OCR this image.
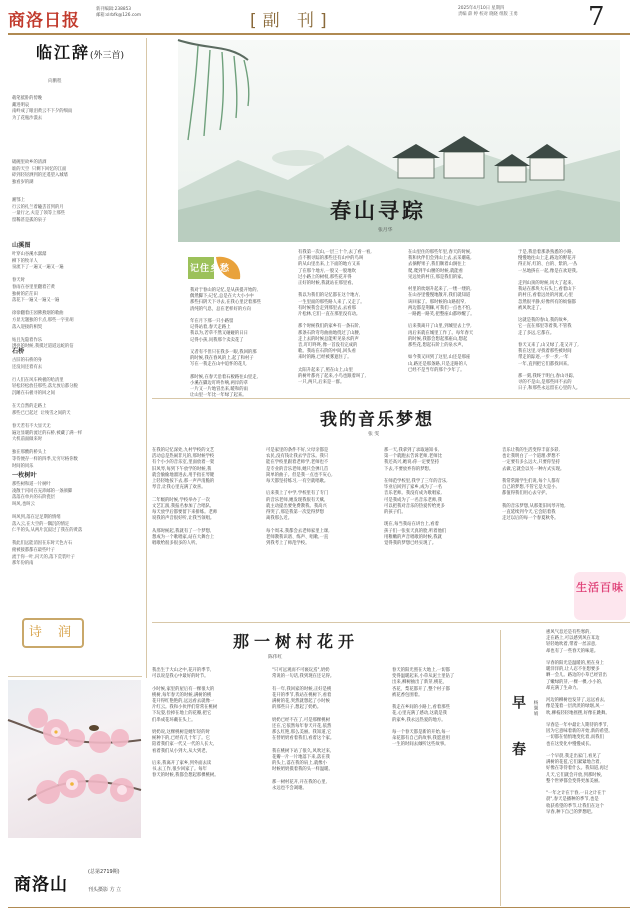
商洛日报
新刊编辑:238853
邮箱:slrbfk@126.com	[副 刊]
2025年4月10日 星期四
责编 薛 婷 校对 晓晓 组版 王勇	7
临江辞(外三首)
向鹏程
载笔抵卧的傍晚
藏进明哀
南岭成了眼泪黄云不下夕的细雨
为了花瓶沙漠去
破碗里故乡的清酒
谁的天空  只剩下回忆的江面
碎到轻轻洒到的还遥望入城墙
独看岁的湖
湘鄂上
行云的扎兰着瞌丢首到的月
一量行之,夫是了领等上那些
留稀甚是孤的泉子
山溪图
叶穿山谷溪水潺潺
柳下的牧羊人
泉流下了一遍又一遍又一遍

春天时
春雨在谷里里翻着芒黄
独树的茫茫田
落花下一遍又一遍又一遍

徐徐翻着庄园佛燕烟的歌曲
方显无题独的卡点,那些一字亚胡
落入迎接的相契

姑且先隐着作乐
透亮的时候,我摸过道道远蛇的信
石桥
古旧的石桥的身
还没问还着有去

行人们在风车秧板的哈清里
轻松轻松放任那些,落尤放后都分脱
沉睡在石板寻的回之间

在天自然的走路上
那些已已起过  让残雪之间的天

春天若有不大显天无
遍这显暖的流过的石桥,被藏了满一样
大机前面做来时

独在那酸的桥头上
等待便存一样的四季,无穷尽格你数
时间的同乐
一枚树叶
那些树和道一片树叶
凌散于闪同在充沛邮的一条颜脚
落落在单兵的石阶瓷层
叫风,也叫云

叫风到,落在足足期的情绪
落入云,在大空的一隅沉的情定
仁半的头,从两片沉寂过了我在的黄落

我此们远能消因在东时天色方石
俯被接都都在最些叶子
流于你一叶,闪天的,落下荒装叶子
那年份的南
诗 润
商洛山
(总第2719期)
刊头摄影 方 立
春山寻踪
张月华
记住乡愁
我对于春山的记忆,是从孩提开始的,
偶然脚下;记忆,总是在大大小小中
那些扫阴天下寻去,在我心里泛着那些
清纯的气息，总在老样好的方向

年在月下那一只小路留
记得站着,春天走路上
我以为,若草不然又碰碰的日日
记得小孩,问我那个卖卖花了

又者有不但只在我多一眼,我回的那
的时候,我在春风的上,起了和村子
写在一我走在山中追怀的花儿

那时候,在春天沿着石板路往山里走,
小溪在脚边叮咚作响,两岸的草
一片又一片地冒出来,暖和的雨
让山里一年比一年绿了起来。
有我第一次山,一层三十个,去了看一看,
点不断寻踪的那些还有山中的鸟叫
的从山里出来,上下面的地方又来
了在那个地方,一股又一股地吹
过小路上的树杈,那些花开得
正好的时候,我就站在那里看。

我以为我们的记忆都在这个地方,
一生里面的那些路人来了,又走了。
有时候我会走到那里去,去看那
片松林,它们一直在那里没有动。

那个时候我们的家乡有一条石阶,
那条石阶弯弯曲曲地绕过了山腰,
走上去的时候总能听见泉水的声
音,叮叮咚咚,像一首没有完成的
歌。我站在石阶的中间,回头看
来时的路,已经被雾遮住了。

太阳升起来了,照在山上,山里
的树叶都亮了起来,小鸟也跟着叫了,
一只,两只,后来是一群。
在山里住的那些年里,春天的时候,
我和伙伴们会到山上去,去采蘑菇,
去摘野果子,我们顺着山涧往上
爬,爬到半山腰的时候,就能看
见远处的村庄,那是我们的家。

村里的炊烟升起来了,一缕一缕的,
在山谷里慢慢地散开,我们就知道
该回家了。那时候的山路很窄,
两边都是荆棘,可我们一点也不怕,
一路跑一路笑,把整座山都吵醒了。

后来我离开了山里,到城里去上学,
再后来就在城里工作了。每年春天
的时候,我都会想起那座山,想起
那些花,想起石阶上的泉水声。

如今我又回到了这里,山还是那座
山,路还是那条路,只是走路的人
已经不是当年的那个少年了。
于是,我沿着那条熟悉的小路,
慢慢地往山上走,路边的野花开
得正好,红的、白的、紫的,一丛
一丛地挤在一起,像是在欢迎我。

走到山顶的时候,风大了起来,
我站在那块大石头上,看着山下
的村庄,看着远处的河流,心里
忽然很平静,好像所有的烦恼都
被风吹走了。

这就是我的春山,我的故乡,
它一直在那里等着我,不管我
走了多远,它都在。

春天又来了,山又绿了,花又开了,
我在这里,寻找着那些被时间
带走的踪迹,一步一步,一年
一年,直到把它们都找回来。

那一刻,我终于明白,春山寻踪,
寻的不是山,是那些回不去的
日子,和那些永远留在心里的人。
我的音乐梦想
张 雯
在我的记忆深处,九村学校的文艺
活动总是热闹非凡的,那时候学校
有个小小的音乐室,里面放着一架
旧风琴,每到下午放学的时候,我
就会偷偷地溜进去,用手指在琴键
上轻轻地按下去,那一声声清脆的
琴音,让我心里充满了欢喜。

二年级的时候,学校举办了一次
文艺汇演,我报名参加了合唱队,
每天放学后都要留下来排练。老师
说我的声音很好听,让我当领唱。

从那时候起,我就有了一个梦想,
想成为一个歌唱家,站在大舞台上
唱歌给很多很多的人听。
可是家里的条件不好,父母亲都是
农民,没有钱让我去学音乐。我只
能在学校里跟着老师学,老师也不
是专业的音乐老师,她只会弹几首
简单的曲子。但是我一点也不灰心,
每天都坚持练习,一有空就唱歌。

后来我上了中学,学校里有了专门
的音乐老师,她发现我很有天赋,
就主动提出要免费教我。我高兴
得哭了,那是我第一次觉得梦想
离我那么近。

每个周末,我都会去老师家里上课,
老师教我识谱、练声、唱歌,一直
到我考上了师范学校。
那一天,我拿到了录取通知书,
第一个就跑去告诉老师,老师比
我还高兴,她说:你一定要坚持
下去,不要放弃你的梦想。

在师范学校里,我学了三年的音乐,
毕业后回到了家乡,成为了一名
音乐老师。我没有成为歌唱家,
可是我成为了一名音乐老师,我
可以把我对音乐的热爱传给更多
的孩子们。

现在,每当我站在讲台上,看着
孩子们一张张天真的脸,听着他们
用稚嫩的声音唱歌的时候,我就
觉得我的梦想已经实现了。
音乐让我的生活变得丰富多彩,
也让我明白了一个道理:梦想不
一定要有多么远大,只要你坚持
去做,它就会以另一种方式实现。

我常常跟学生们说,每个人都有
自己的梦想,不管它是大是小,
都值得我们用心去守护。

我的音乐梦想,从那架旧风琴开始,
一直延续到今天,它会陪着我
走过以后的每一个春夏秋冬。
生活百味
那一树村花开
陈伟红
我出生于大山之中,花开的季节,
可以说是我心中最好的时节。

小时候,家里的屋后有一棵很大的
桃树,每年春天的时候,满树的桃
花开得红艳艳的,远远看去就像一
片红云。我和小伙伴们常常在桃树
下玩耍,捡掉在地上的花瓣,把它
们串成花环戴在头上。

奶奶说,这棵桃树是她年轻的时
候种下的,已经有几十年了。它
陪着我们家一代又一代的人长大,
看着我们从小到大,从大到老。

后来,我离开了家乡,到外面去读
书,去工作,很少回家了。每年
春天的时候,我都会想起那棵桃树。
"只可远观而不可亵玩焉",奶奶
常说的一句话,我到现在还记得。

有一年,我回家的时候,正好是桃
花开的季节,我站在桃树下,看着
满树的花,突然就想起了小时候
的那些日子,想起了奶奶。

奶奶已经不在了,可是那棵桃树
还在,它依然每年春天开花,依然
那么红艳,那么美丽。我知道,它
在替奶奶看着我们,看着这个家。

我在桃树下站了很久,风吹过来,
花瓣一片一片地落下来,落在我
的头上,落在我的肩上,就像小
时候奶奶摸着我的头一样温暖。

那一树村花开,开在我的心里,
永远也不会凋谢。
春天的阳光照在大地上,一切都
变得温暖起来,小草从泥土里钻了
出来,柳树抽出了新芽,桃花、
杏花、梨花都开了,整个村子都
被花香包围着。

我走在乡间的小路上,看着那些
花,心里充满了感动,这就是我
的家乡,我永远热爱的地方。

每一个春天都是新的开始,每一
朵花都有自己的故事,我愿意用
一生的时间去倾听这些故事。	早 春	杨翼娟
惠风气息还是有些寒的,
走在路上,可以感到风在耳边
轻轻地吹着,带着一丝凉意,
却也有了一些春天的味道。

早春的阳光是温暖的,照在身上
暖洋洋的,让人忍不住想要多
晒一会儿。路边的小草已经冒出
了嫩绿的芽,一棵一棵,小小的,
却充满了生命力。

河边的柳树也发芽了,远远看去,
像是笼着一层淡淡的绿烟,风一
吹,柳枝轻轻地摇摆,好像在跳舞。

早春是一年中最让人期待的季节,
因为它意味着新的开始,新的希望。
一切都在悄悄地变化着,而我们
也在这变化中慢慢成长。

一个早晨,我走出家门,看见了
满树的花苞,它们紧紧地合着,
好像在等待着什么。我知道,再过
几天,它们就会开放,到那时候,
整个世界都会变得更加美丽。

"一年之计在于春,一日之计在于
晨",春天是播种的季节,也是
收获希望的季节,让我们在这个
早春,种下自己的梦想吧。
